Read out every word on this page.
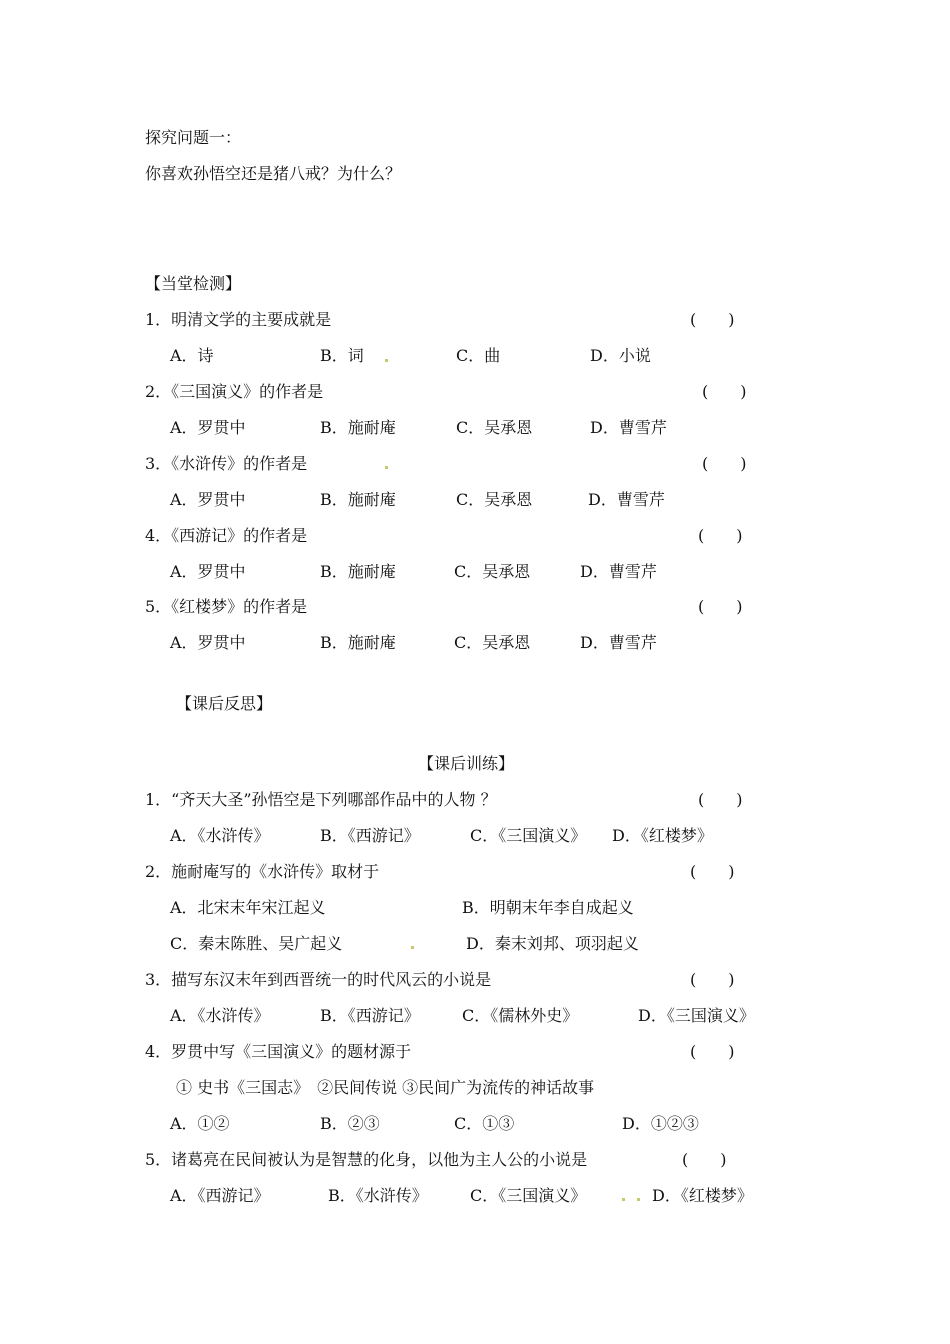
探究问题一：
你喜欢孙悟空还是猪八戒？为什么？
【当堂检测】
1．明清文学的主要成就是	(　　)
A．诗	B．词	C．曲	D．小说
2．《三国演义》的作者是	(　　)
A．罗贯中	B．施耐庵	C．吴承恩	D．曹雪芹
3．《水浒传》的作者是	(　　)
A．罗贯中	B．施耐庵	C．吴承恩	D．曹雪芹
4．《西游记》的作者是	(　　)
A．罗贯中	B．施耐庵	C．吴承恩	D．曹雪芹
5．《红楼梦》的作者是	(　　)
A．罗贯中	B．施耐庵	C．吴承恩	D．曹雪芹
【课后反思】
【课后训练】
1．“齐天大圣”孙悟空是下列哪部作品中的人物 ？	(　　)
A．《水浒传》	B．《西游记》	C．《三国演义》 D．《红楼梦》
2．施耐庵写的《水浒传》取材于	(　　)
A．北宋末年宋江起义	B．明朝末年李自成起义
C．秦末陈胜、吴广起义	D．秦末刘邦、项羽起义
3．描写东汉末年到西晋统一的时代风云的小说是	(　　)
A．《水浒传》	B．《西游记》	C．《儒林外史》	D．《三国演义》
4．罗贯中写《三国演义》的题材源于	(　　)
① 史书《三国志》　②民间传说 ③民间广为流传的神话故事
A．①②	B．②③	C．①③	D．①②③
5．诸葛亮在民间被认为是智慧的化身，以他为主人公的小说是	(　　)
A．《西游记》	B．《水浒传》	C．《三国演义》	D．《红楼梦》
